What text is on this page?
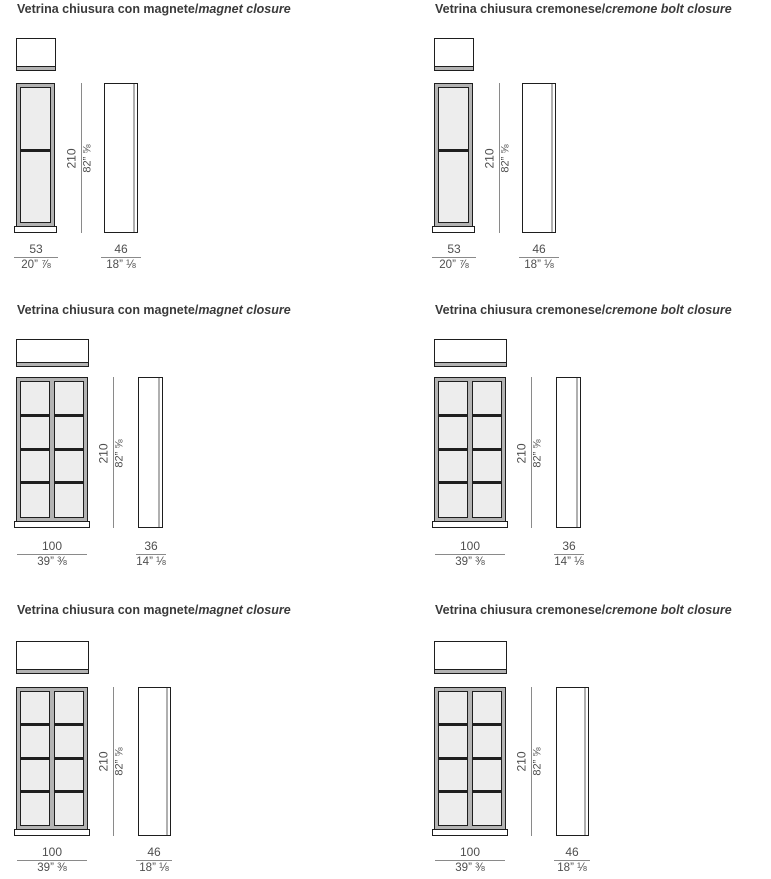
Vetrina chiusura con magnete/magnet closure
210 82” ⅝
53
20” ⅞
46
18” ⅛
Vetrina chiusura cremonese/cremone bolt closure
210 82” ⅝
53
20” ⅞
46
18” ⅛
Vetrina chiusura con magnete/magnet closure
210 82” ⅝
100
39” ⅜
36
14” ⅛
Vetrina chiusura cremonese/cremone bolt closure
210 82” ⅝
100
39” ⅜
36
14” ⅛
Vetrina chiusura con magnete/magnet closure
210 82” ⅝
100
39” ⅜
46
18” ⅛
Vetrina chiusura cremonese/cremone bolt closure
210 82” ⅝
100
39” ⅜
46
18” ⅛
